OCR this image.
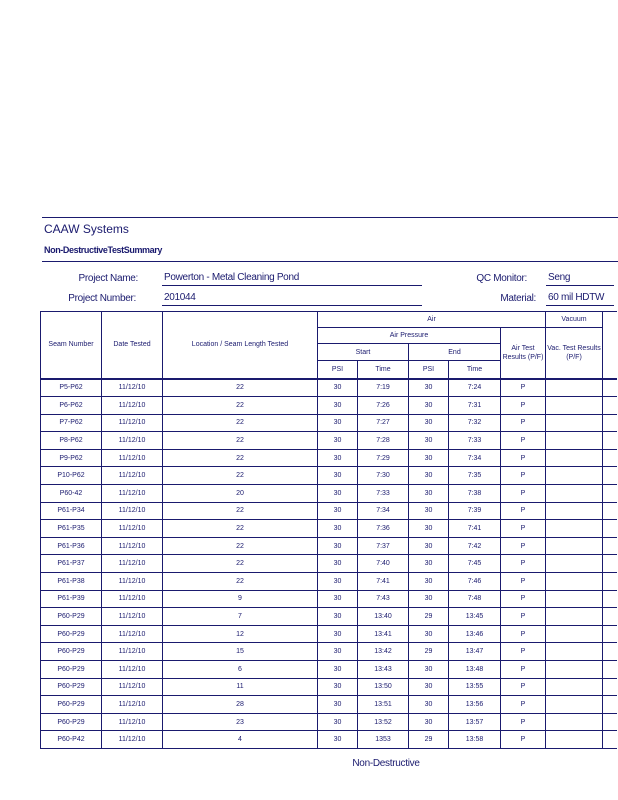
CAAW Systems
Non-DestructiveTestSummary
Project Name:	Powerton - Metal Cleaning Pond
Project Number:	201044
QC Monitor: Seng
Material: 60 mil HDTW
Seam Number	Date Tested	Location / Seam Length Tested	Air					Vacuum	
			Air Pressure				Air Test Results (P/F)	Vac. Test Results (P/F)	
			Start		End				
			PSI	Time	PSI	Time			
P5-P62	11/12/10	22	30	7:19	30	7:24	P		
P6-P62	11/12/10	22	30	7:26	30	7:31	P		
P7-P62	11/12/10	22	30	7:27	30	7:32	P		
P8-P62	11/12/10	22	30	7:28	30	7:33	P		
P9-P62	11/12/10	22	30	7:29	30	7:34	P		
P10-P62	11/12/10	22	30	7:30	30	7:35	P		
P60-42	11/12/10	20	30	7:33	30	7:38	P		
P61-P34	11/12/10	22	30	7:34	30	7:39	P		
P61-P35	11/12/10	22	30	7:36	30	7:41	P		
P61-P36	11/12/10	22	30	7:37	30	7:42	P		
P61-P37	11/12/10	22	30	7:40	30	7:45	P		
P61-P38	11/12/10	22	30	7:41	30	7:46	P		
P61-P39	11/12/10	9	30	7:43	30	7:48	P		
P60-P29	11/12/10	7	30	13:40	29	13:45	P		
P60-P29	11/12/10	12	30	13:41	30	13:46	P		
P60-P29	11/12/10	15	30	13:42	29	13:47	P		
P60-P29	11/12/10	6	30	13:43	30	13:48	P		
P60-P29	11/12/10	11	30	13:50	30	13:55	P		
P60-P29	11/12/10	28	30	13:51	30	13:56	P		
P60-P29	11/12/10	23	30	13:52	30	13:57	P		
P60-P42	11/12/10	4	30	1353	29	13:58	P		
Non-Destructive
